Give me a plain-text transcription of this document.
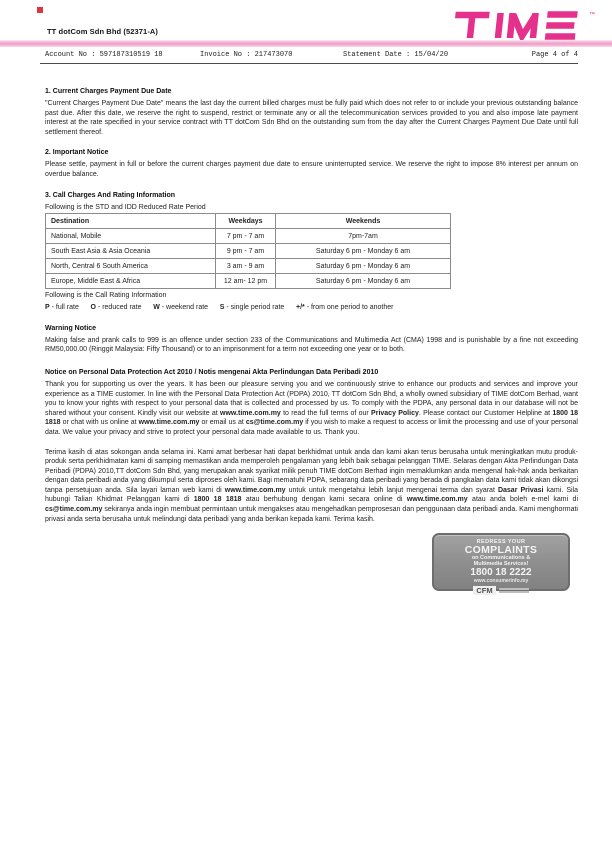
TT dotCom Sdn Bhd (52371-A)
™
Account No : 597187310519 18	Invoice No : 217473070	Statement Date : 15/04/20	Page 4 of 4
1. Current Charges Payment Due Date

"Current Charges Payment Due Date" means the last day the current billed charges must be fully paid which does not refer to or include your previous outstanding balance past due. After this date, we reserve the right to suspend, restrict or terminate any or all the telecommunication services provided to you and also impose late payment interest at the rate specified in your service contract with TT dotCom Sdn Bhd on the outstanding sum from the day after the Current Charges Payment Due Date until full settlement thereof.

2. Important Notice

Please settle, payment in full or before the current charges payment due date to ensure uninterrupted service. We reserve the right to impose 8% interest per annum on overdue balance.

3. Call Charges And Rating Information
Following is the STD and IDD Reduced Rate Period
Destination	Weekdays	Weekends
National, Mobile	7 pm - 7 am	7pm-7am
South East Asia & Asia Oceania	9 pm - 7 am	Saturday 6 pm - Monday 6 am
North, Central 6 South America	3 am - 9 am	Saturday 6 pm - Monday 6 am
Europe, Middle East & Africa	12 am- 12 pm	Saturday 6 pm - Monday 6 am
Following is the Call Rating Information
P - full rate      O - reduced rate      W - weekend rate      S - single period rate      +/* - from one period to another
Warning Notice

Making false and prank calls to 999 is an offence under section 233 of the Communications and Multimedia Act (CMA) 1998 and is punishable by a fine not exceeding RM50,000.00 (Ringgit Malaysia: Fifty Thousand) or to an imprisonment for a term not exceeding one year or to both.

Notice on Personal Data Protection Act 2010 / Notis mengenai Akta Perlindungan Data Peribadi 2010

Thank you for supporting us over the years. It has been our pleasure serving you and we continuously strive to enhance our products and services and improve your experience as a TIME customer. In line with the Personal Data Protection Act (PDPA) 2010, TT dotCom Sdn Bhd, a wholly owned subsidiary of TIME dotCom Berhad, want you to know your rights with respect to your personal data that is collected and processed by us. To comply with the PDPA, any personal data in our database will not be shared without your consent. Kindly visit our website at www.time.com.my to read the full terms of our Privacy Policy. Please contact our Customer Helpline at 1800 18 1818 or chat with us online at www.time.com.my or email us at cs@time.com.my if you wish to make a request to access or limit the processing and use of your personal data. We value your privacy and strive to protect your personal data made available to us. Thank you.

Terima kasih di atas sokongan anda selama ini. Kami amat berbesar hati dapat berkhidmat untuk anda dan kami akan terus berusaha untuk meningkatkan mutu produk-produk serta perkhidmatan kami di samping memastikan anda memperoleh pengalaman yang lebih baik sebagai pelanggan TIME. Selaras dengan Akta Perlindungan Data Peribadi (PDPA) 2010,TT dotCom Sdn Bhd, yang merupakan anak syarikat milik penuh TIME dotCom Berhad ingin memaklumkan anda mengenal hak-hak anda berkaitan dengan data peribadi anda yang dikumpul serta diproses oleh kami. Bagi mematuhi PDPA, sebarang data peribadi yang berada di pangkalan data kami tidak akan dikongsi tanpa persetujuan anda. Sila layari laman web kami di www.time.com.my untuk untuk mengetahui lebih lanjut mengenai terma dan syarat Dasar Privasi kami. Sila hubungi Talian Khidmat Pelanggan kami di 1800 18 1818 atau berhubung dengan kami secara online di www.time.com.my atau anda boleh e-mel kami di cs@time.com.my sekiranya anda ingin membuat permintaan untuk mengakses atau mengehadkan pemprosesan dan penggunaan data peribadi anda. Kami menghormati privasi anda serta berusaha untuk melindungi data peribadi yang anda berikan kepada kami. Terima kasih.

REDRESS YOUR
COMPLAINTS
on Communications &
Multimedia Services!
1800 18 2222
www.consumerinfo.my
CFM
